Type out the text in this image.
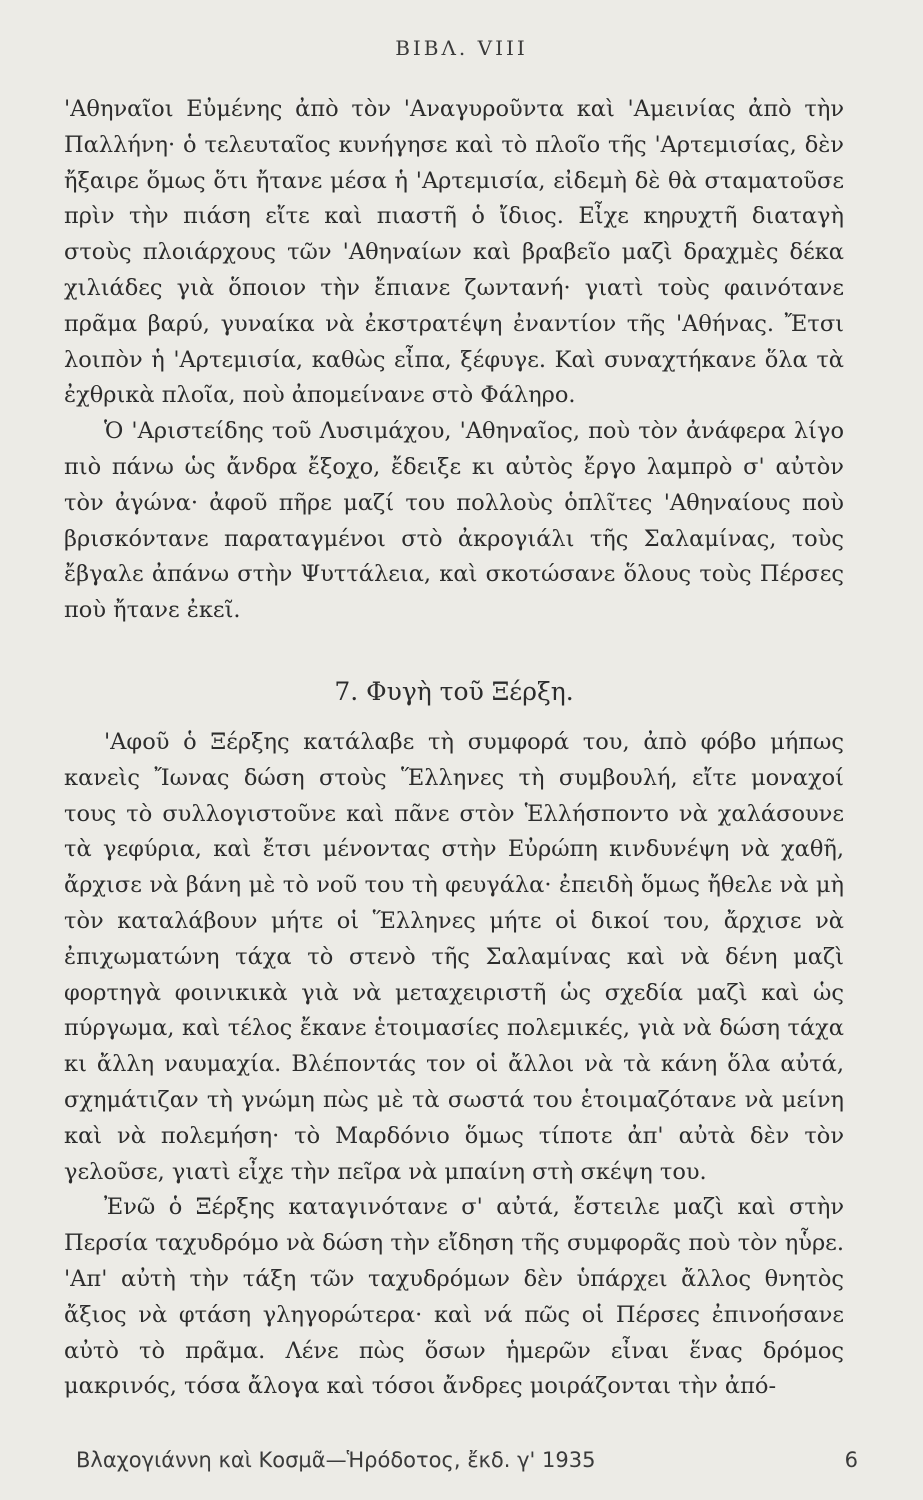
ΒΙΒΛ. VIII

'Αθηναῖοι Εὐμένης ἀπὸ τὸν 'Αναγυροῦντα καὶ 'Αμεινίας ἀπὸ τὴν Παλλήνη· ὁ τελευταῖος κυνήγησε καὶ τὸ πλοῖο τῆς 'Αρτεμισίας, δὲν ἤξαιρε ὅμως ὅτι ἤτανε μέσα ἡ 'Αρτεμισία, εἰδεμὴ δὲ θὰ σταματοῦσε πρὶν τὴν πιάση εἴτε καὶ πιαστῆ ὁ ἴδιος. Εἶχε κηρυχτῆ διαταγὴ στοὺς πλοιάρχους τῶν 'Αθηναίων καὶ βραβεῖο μαζὶ δραχμὲς δέκα χιλιάδες γιὰ ὅποιον τὴν ἔπιανε ζωντανή· γιατὶ τοὺς φαινότανε πρᾶμα βαρύ, γυναίκα νὰ ἐκστρατέψη ἐναντίον τῆς 'Αθήνας. Ἔτσι λοιπὸν ἡ 'Αρτεμισία, καθὼς εἶπα, ξέφυγε. Καὶ συναχτήκανε ὅλα τὰ ἐχθρικὰ πλοῖα, ποὺ ἀπομείνανε στὸ Φάληρο.

Ὁ 'Αριστείδης τοῦ Λυσιμάχου, 'Αθηναῖος, ποὺ τὸν ἀνάφερα λίγο πιὸ πάνω ὡς ἄνδρα ἔξοχο, ἔδειξε κι αὐτὸς ἔργο λαμπρὸ σ' αὐτὸν τὸν ἀγώνα· ἀφοῦ πῆρε μαζί του πολλοὺς ὁπλῖτες 'Αθηναίους ποὺ βρισκόντανε παραταγμένοι στὸ ἀκρογιάλι τῆς Σαλαμίνας, τοὺς ἔβγαλε ἀπάνω στὴν Ψυττάλεια, καὶ σκοτώσανε ὅλους τοὺς Πέρσες ποὺ ἤτανε ἐκεῖ.

7. Φυγὴ τοῦ Ξέρξη.

'Αφοῦ ὁ Ξέρξης κατάλαβε τὴ συμφορά του, ἀπὸ φόβο μήπως κανεὶς Ἴωνας δώση στοὺς Ἕλληνες τὴ συμβουλή, εἴτε μοναχοί τους τὸ συλλογιστοῦνε καὶ πᾶνε στὸν Ἑλλήσποντο νὰ χαλάσουνε τὰ γεφύρια, καὶ ἔτσι μένοντας στὴν Εὐρώπη κινδυνέψη νὰ χαθῆ, ἄρχισε νὰ βάνη μὲ τὸ νοῦ του τὴ φευγάλα· ἐπειδὴ ὅμως ἤθελε νὰ μὴ τὸν καταλάβουν μήτε οἱ Ἕλληνες μήτε οἱ δικοί του, ἄρχισε νὰ ἐπιχωματώνη τάχα τὸ στενὸ τῆς Σαλαμίνας καὶ νὰ δένη μαζὶ φορτηγὰ φοινικικὰ γιὰ νὰ μεταχειριστῆ ὡς σχεδία μαζὶ καὶ ὡς πύργωμα, καὶ τέλος ἔκανε ἑτοιμασίες πολεμικές, γιὰ νὰ δώση τάχα κι ἄλλη ναυμαχία. Βλέποντάς τον οἱ ἄλλοι νὰ τὰ κάνη ὅλα αὐτά, σχημάτιζαν τὴ γνώμη πὼς μὲ τὰ σωστά του ἑτοιμαζότανε νὰ μείνη καὶ νὰ πολεμήση· τὸ Μαρδόνιο ὅμως τίποτε ἀπ' αὐτὰ δὲν τὸν γελοῦσε, γιατὶ εἶχε τὴν πεῖρα νὰ μπαίνη στὴ σκέψη του.

Ἐνῶ ὁ Ξέρξης καταγινότανε σ' αὐτά, ἔστειλε μαζὶ καὶ στὴν Περσία ταχυδρόμο νὰ δώση τὴν εἴδηση τῆς συμφορᾶς ποὺ τὸν ηὗρε. 'Απ' αὐτὴ τὴν τάξη τῶν ταχυδρόμων δὲν ὑπάρχει ἄλλος θνητὸς ἄξιος νὰ φτάση γληγορώτερα· καὶ νά πῶς οἱ Πέρσες ἐπινοήσανε αὐτὸ τὸ πρᾶμα. Λένε πὼς ὅσων ἡμερῶν εἶναι ἕνας δρόμος μακρινός, τόσα ἄλογα καὶ τόσοι ἄνδρες μοιράζονται τὴν ἀπό-

Βλαχογιάννη καὶ Κοσμᾶ—Ἡρόδοτος, ἔκδ. γ' 1935	6
